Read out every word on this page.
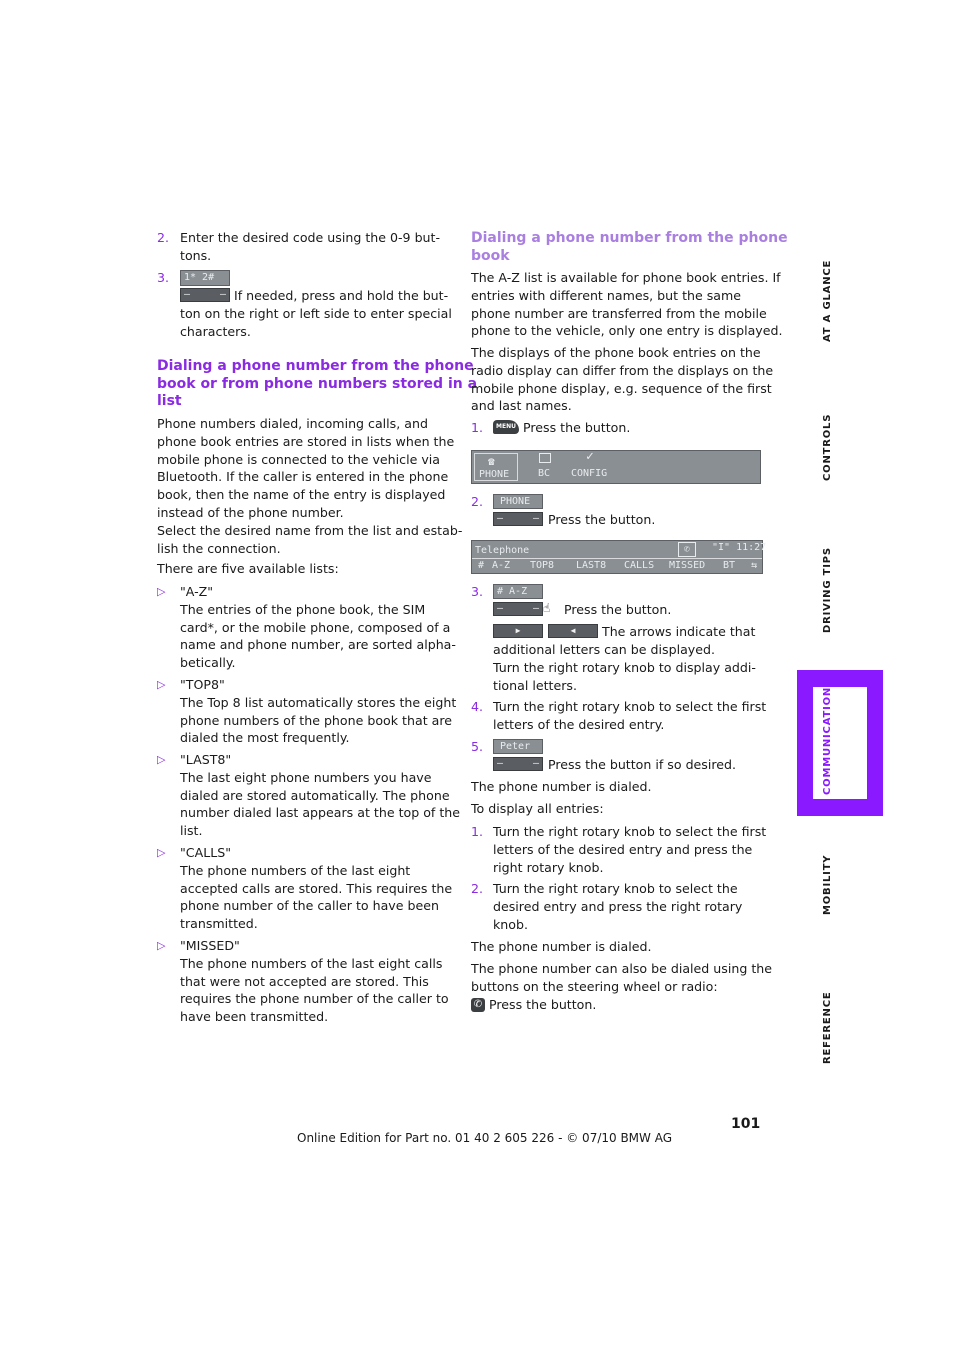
2. Enter the desired code using the 0-9 but-
tons.
3.	1* 2#
–	– If needed, press and hold the but-
ton on the right or left side to enter special
characters.
Dialing a phone number from the phone
book or from phone numbers stored in a
list
Phone numbers dialed, incoming calls, and
phone book entries are stored in lists when the
mobile phone is connected to the vehicle via
Bluetooth. If the caller is entered in the phone
book, then the name of the entry is displayed
instead of the phone number.
Select the desired name from the list and estab-
lish the connection.
There are five available lists:
▷ "A-Z"
The entries of the phone book, the SIM
card*, or the mobile phone, composed of a
name and phone number, are sorted alpha-
betically.
▷ "TOP8"
The Top 8 list automatically stores the eight
phone numbers of the phone book that are
dialed the most frequently.
▷ "LAST8"
The last eight phone numbers you have
dialed are stored automatically. The phone
number dialed last appears at the top of the
list.
▷ "CALLS"
The phone numbers of the last eight
accepted calls are stored. This requires the
phone number of the caller to have been
transmitted.
▷ "MISSED"
The phone numbers of the last eight calls
that were not accepted are stored. This
requires the phone number of the caller to
have been transmitted.
Dialing a phone number from the phone
book
The A-Z list is available for phone book entries. If
entries with different names, but the same
phone number are transferred from the mobile
phone to the vehicle, only one entry is displayed.
The displays of the phone book entries on the
radio display can differ from the displays on the
mobile phone display, e.g. sequence of the first
and last names.
1.	MENU Press the button.
☎
PHONE	BC
✓
CONFIG
2.	PHONE
–	– Press the button.
Telephone	✆	"I" 11:27
# A-Z TOP8 LAST8 CALLS MISSED BT ⇆
3.	# A-Z
–	– ☝ Press the button.
▶	◀	The arrows indicate that
additional letters can be displayed.
Turn the right rotary knob to display addi-
tional letters.
4. Turn the right rotary knob to select the first
letters of the desired entry.
5.	Peter
–	– Press the button if so desired.
The phone number is dialed.
To display all entries:
1. Turn the right rotary knob to select the first
letters of the desired entry and press the
right rotary knob.
2. Turn the right rotary knob to select the
desired entry and press the right rotary
knob.
The phone number is dialed.
The phone number can also be dialed using the
buttons on the steering wheel or radio:
✆ Press the button.
AT A GLANCE
CONTROLS
DRIVING TIPS
COMMUNICATIONS
MOBILITY
REFERENCE
101
Online Edition for Part no. 01 40 2 605 226 - © 07/10 BMW AG
